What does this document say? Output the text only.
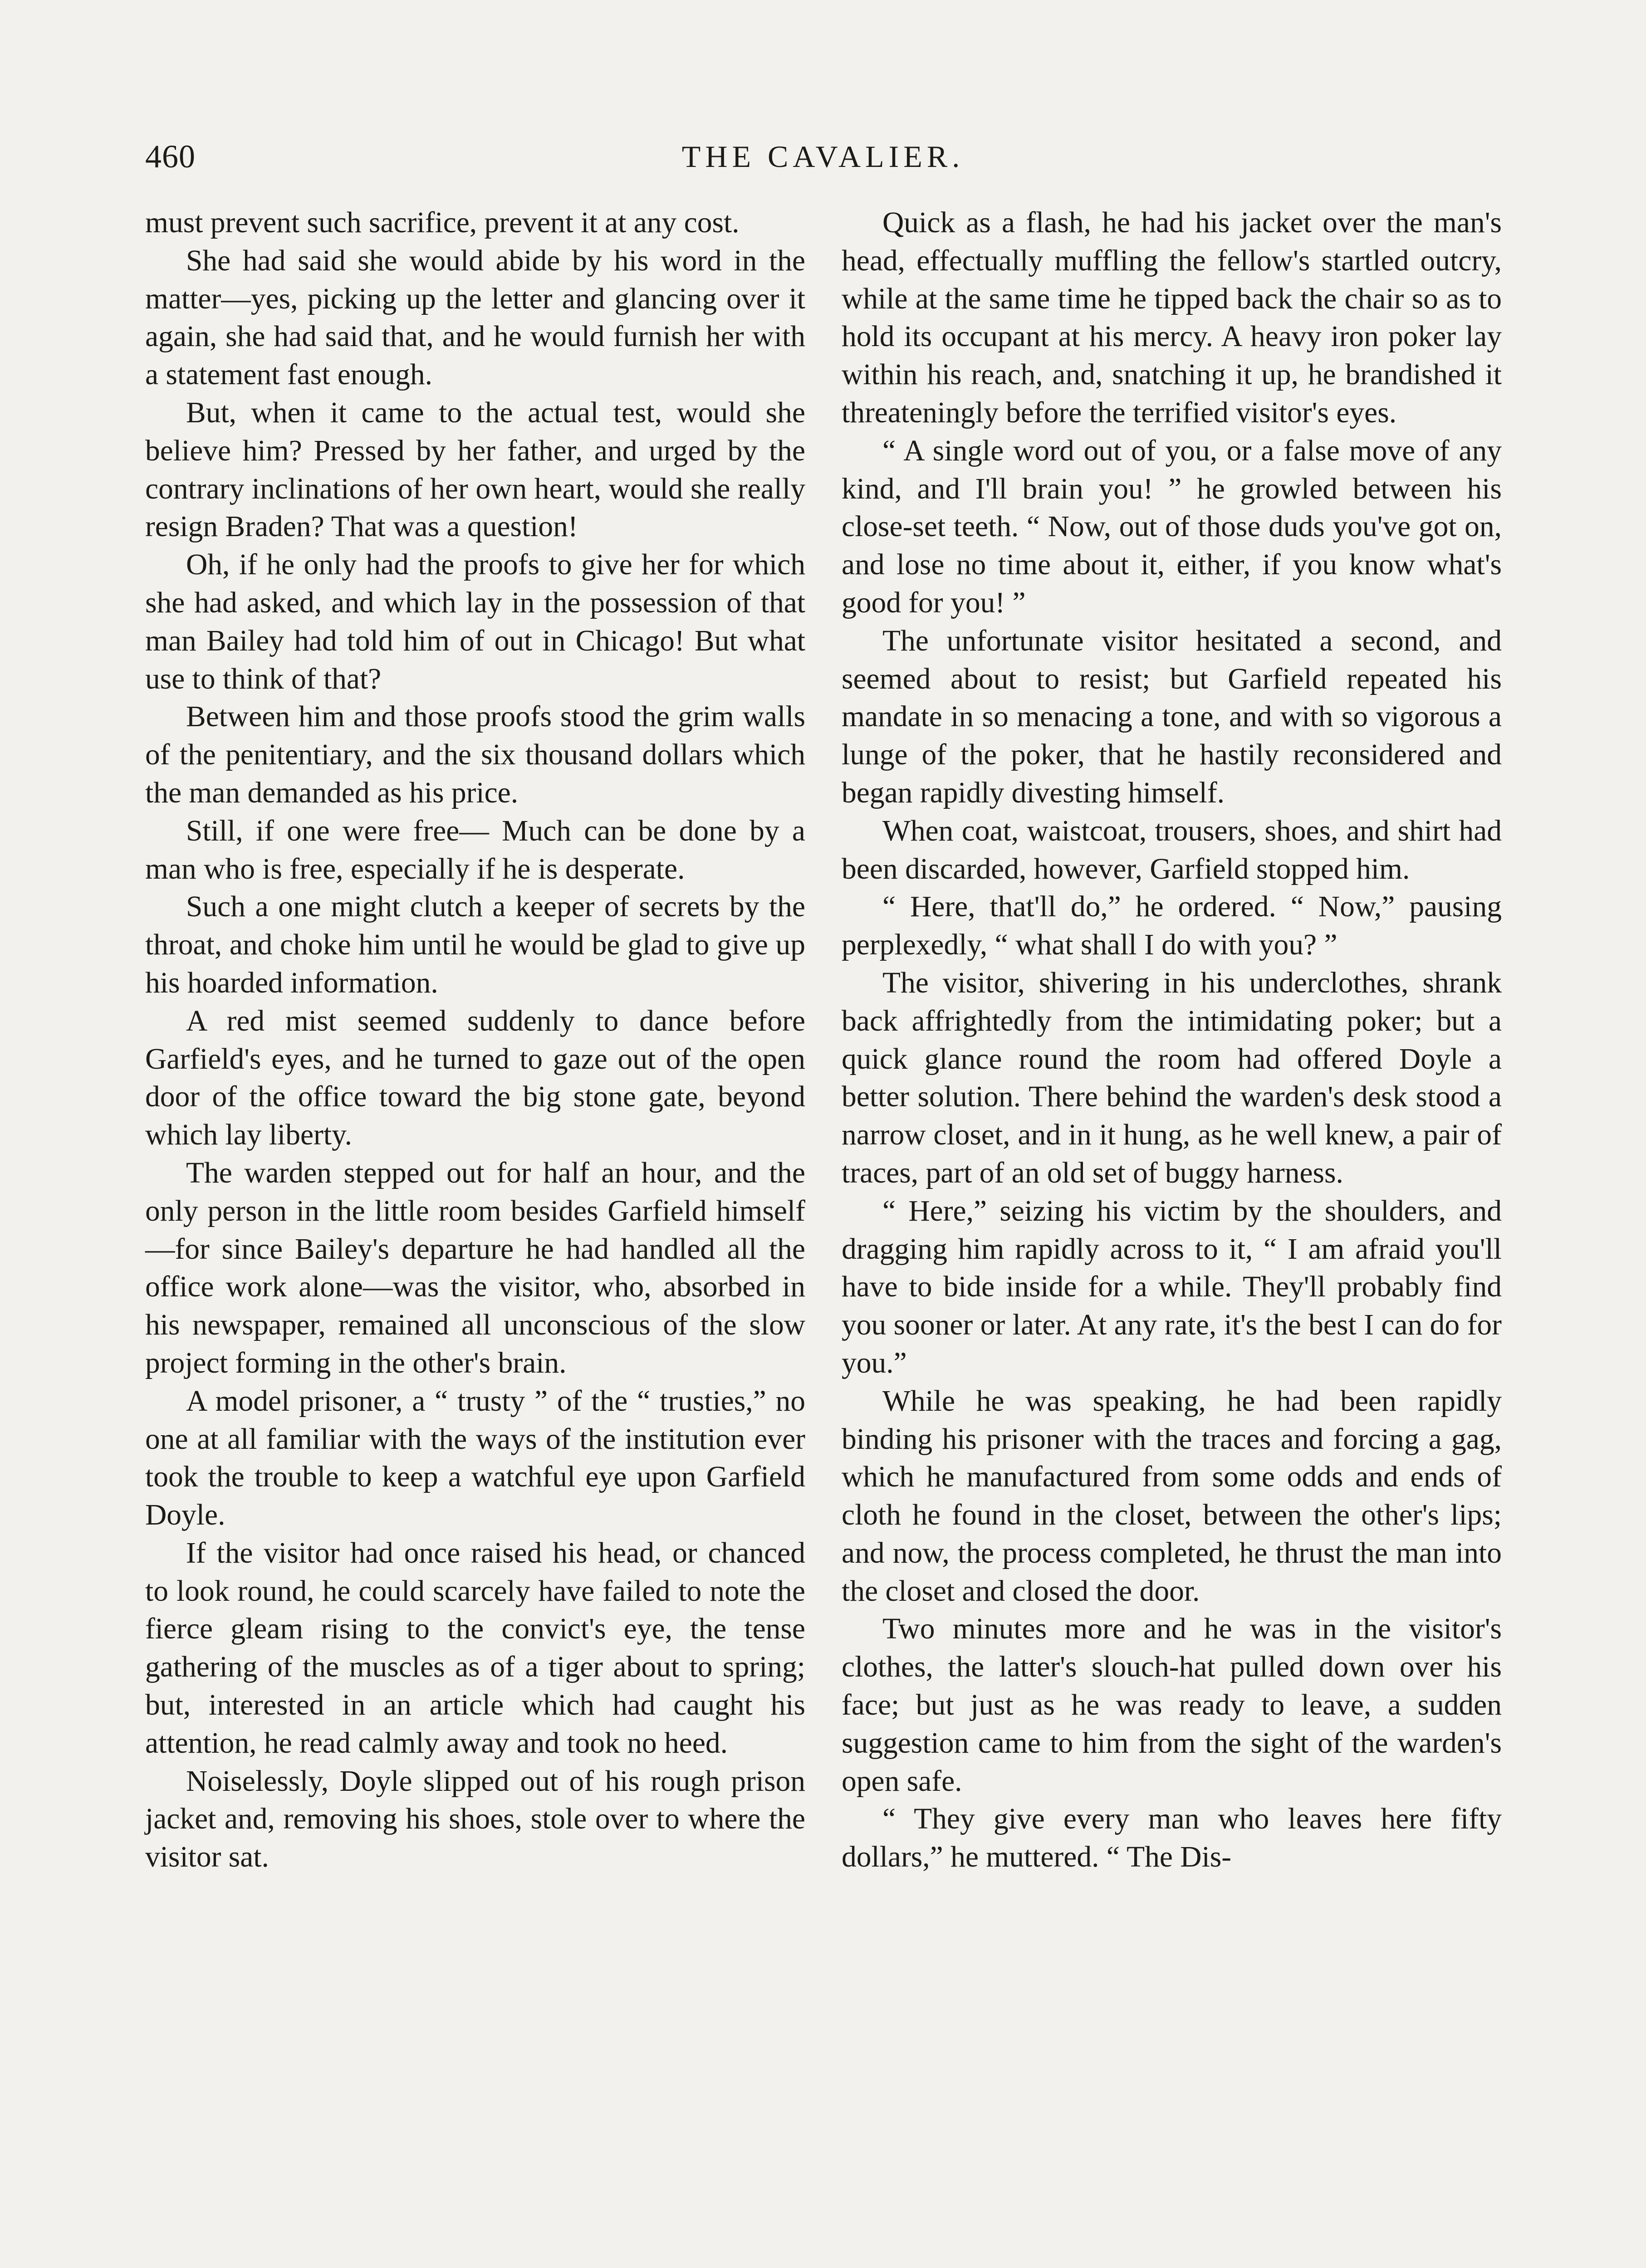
460	THE CAVALIER.

must prevent such sacrifice, prevent it at any cost.

She had said she would abide by his word in the matter—yes, picking up the letter and glancing over it again, she had said that, and he would furnish her with a statement fast enough.

But, when it came to the actual test, would she believe him? Pressed by her father, and urged by the contrary inclinations of her own heart, would she really resign Braden? That was a question!

Oh, if he only had the proofs to give her for which she had asked, and which lay in the possession of that man Bailey had told him of out in Chicago! But what use to think of that?

Between him and those proofs stood the grim walls of the penitentiary, and the six thousand dollars which the man demanded as his price.

Still, if one were free— Much can be done by a man who is free, especially if he is desperate.

Such a one might clutch a keeper of secrets by the throat, and choke him until he would be glad to give up his hoarded information.

A red mist seemed suddenly to dance before Garfield's eyes, and he turned to gaze out of the open door of the office toward the big stone gate, beyond which lay liberty.

The warden stepped out for half an hour, and the only person in the little room besides Garfield himself—for since Bailey's departure he had handled all the office work alone—was the visitor, who, absorbed in his newspaper, remained all unconscious of the slow project forming in the other's brain.

A model prisoner, a “ trusty ” of the “ trusties,” no one at all familiar with the ways of the institution ever took the trouble to keep a watchful eye upon Garfield Doyle.

If the visitor had once raised his head, or chanced to look round, he could scarcely have failed to note the fierce gleam rising to the convict's eye, the tense gathering of the muscles as of a tiger about to spring; but, interested in an article which had caught his attention, he read calmly away and took no heed.

Noiselessly, Doyle slipped out of his rough prison jacket and, removing his shoes, stole over to where the visitor sat.

Quick as a flash, he had his jacket over the man's head, effectually muffling the fellow's startled outcry, while at the same time he tipped back the chair so as to hold its occupant at his mercy. A heavy iron poker lay within his reach, and, snatching it up, he brandished it threateningly before the terrified visitor's eyes.

“ A single word out of you, or a false move of any kind, and I'll brain you! ” he growled between his close-set teeth. “ Now, out of those duds you've got on, and lose no time about it, either, if you know what's good for you! ”

The unfortunate visitor hesitated a second, and seemed about to resist; but Garfield repeated his mandate in so menacing a tone, and with so vigorous a lunge of the poker, that he hastily reconsidered and began rapidly divesting himself.

When coat, waistcoat, trousers, shoes, and shirt had been discarded, however, Garfield stopped him.

“ Here, that'll do,” he ordered. “ Now,” pausing perplexedly, “ what shall I do with you? ”

The visitor, shivering in his underclothes, shrank back affrightedly from the intimidating poker; but a quick glance round the room had offered Doyle a better solution. There behind the warden's desk stood a narrow closet, and in it hung, as he well knew, a pair of traces, part of an old set of buggy harness.

“ Here,” seizing his victim by the shoulders, and dragging him rapidly across to it, “ I am afraid you'll have to bide inside for a while. They'll probably find you sooner or later. At any rate, it's the best I can do for you.”

While he was speaking, he had been rapidly binding his prisoner with the traces and forcing a gag, which he manufactured from some odds and ends of cloth he found in the closet, between the other's lips; and now, the process completed, he thrust the man into the closet and closed the door.

Two minutes more and he was in the visitor's clothes, the latter's slouch-hat pulled down over his face; but just as he was ready to leave, a sudden suggestion came to him from the sight of the warden's open safe.

“ They give every man who leaves here fifty dollars,” he muttered. “ The Dis-
